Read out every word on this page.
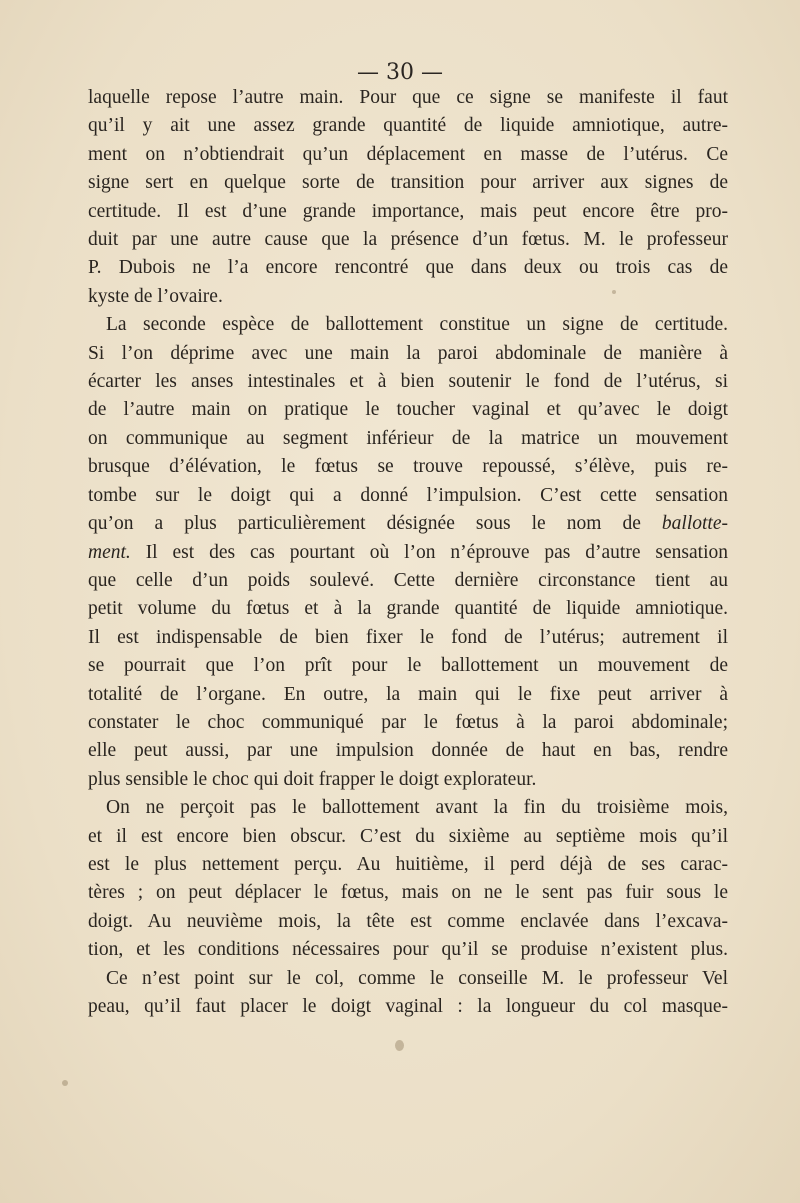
— 30 —
laquelle repose l’autre main. Pour que ce signe se manifeste il faut
qu’il y ait une assez grande quantité de liquide amniotique, autre-
ment on n’obtiendrait qu’un déplacement en masse de l’utérus. Ce
signe sert en quelque sorte de transition pour arriver aux signes de
certitude. Il est d’une grande importance, mais peut encore être pro-
duit par une autre cause que la présence d’un fœtus. M. le professeur
P. Dubois ne l’a encore rencontré que dans deux ou trois cas de
kyste de l’ovaire.
La seconde espèce de ballottement constitue un signe de certitude.
Si l’on déprime avec une main la paroi abdominale de manière à
écarter les anses intestinales et à bien soutenir le fond de l’utérus, si
de l’autre main on pratique le toucher vaginal et qu’avec le doigt
on communique au segment inférieur de la matrice un mouvement
brusque d’élévation, le fœtus se trouve repoussé, s’élève, puis re-
tombe sur le doigt qui a donné l’impulsion. C’est cette sensation
qu’on a plus particulièrement désignée sous le nom de ballotte-
ment. Il est des cas pourtant où l’on n’éprouve pas d’autre sensation
que celle d’un poids soulevé. Cette dernière circonstance tient au
petit volume du fœtus et à la grande quantité de liquide amniotique.
Il est indispensable de bien fixer le fond de l’utérus; autrement il
se pourrait que l’on prît pour le ballottement un mouvement de
totalité de l’organe. En outre, la main qui le fixe peut arriver à
constater le choc communiqué par le fœtus à la paroi abdominale;
elle peut aussi, par une impulsion donnée de haut en bas, rendre
plus sensible le choc qui doit frapper le doigt explorateur.
On ne perçoit pas le ballottement avant la fin du troisième mois,
et il est encore bien obscur. C’est du sixième au septième mois qu’il
est le plus nettement perçu. Au huitième, il perd déjà de ses carac-
tères ; on peut déplacer le fœtus, mais on ne le sent pas fuir sous le
doigt. Au neuvième mois, la tête est comme enclavée dans l’excava-
tion, et les conditions nécessaires pour qu’il se produise n’existent plus.
Ce n’est point sur le col, comme le conseille M. le professeur Vel
peau, qu’il faut placer le doigt vaginal : la longueur du col masque-
